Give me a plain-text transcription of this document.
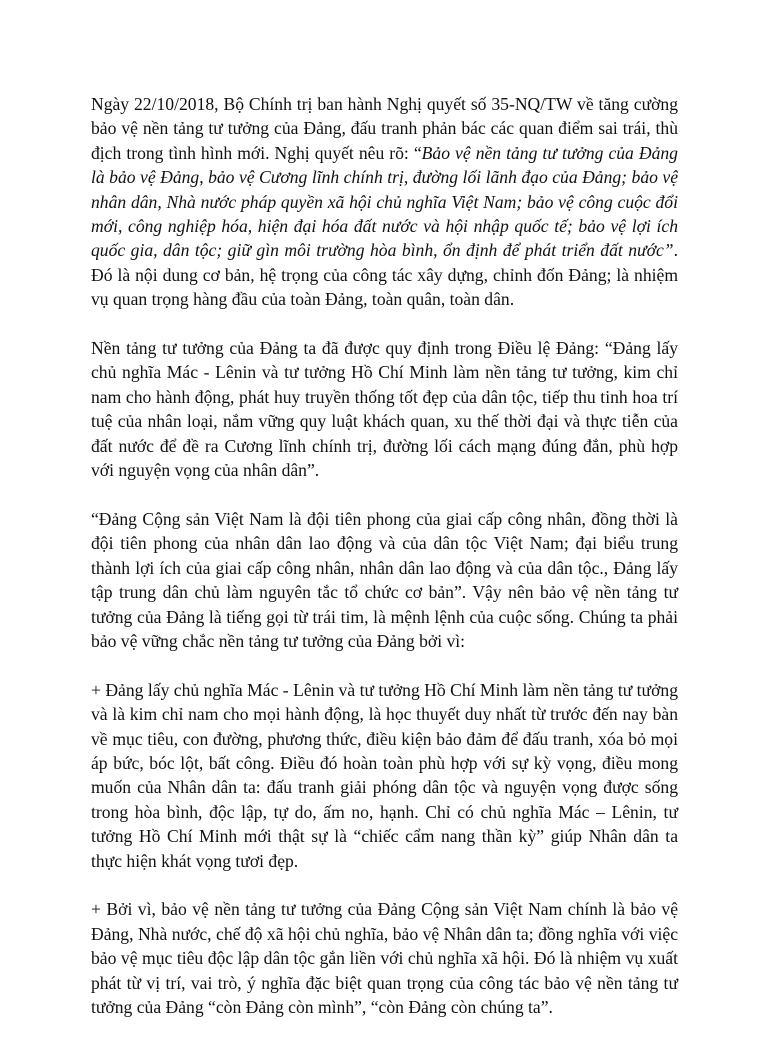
Ngày 22/10/2018, Bộ Chính trị ban hành Nghị quyết số 35-NQ/TW về tăng cường bảo vệ nền tảng tư tưởng của Đảng, đấu tranh phản bác các quan điểm sai trái, thù địch trong tình hình mới. Nghị quyết nêu rõ: “Bảo vệ nền tảng tư tưởng của Đảng là bảo vệ Đảng, bảo vệ Cương lĩnh chính trị, đường lối lãnh đạo của Đảng; bảo vệ nhân dân, Nhà nước pháp quyền xã hội chủ nghĩa Việt Nam; bảo vệ công cuộc đổi mới, công nghiệp hóa, hiện đại hóa đất nước và hội nhập quốc tế; bảo vệ lợi ích quốc gia, dân tộc; giữ gìn môi trường hòa bình, ổn định để phát triển đất nước”. Đó là nội dung cơ bản, hệ trọng của công tác xây dựng, chỉnh đốn Đảng; là nhiệm vụ quan trọng hàng đầu của toàn Đảng, toàn quân, toàn dân.

Nền tảng tư tưởng của Đảng ta đã được quy định trong Điều lệ Đảng: “Đảng lấy chủ nghĩa Mác - Lênin và tư tưởng Hồ Chí Minh làm nền tảng tư tưởng, kim chỉ nam cho hành động, phát huy truyền thống tốt đẹp của dân tộc, tiếp thu tinh hoa trí tuệ của nhân loại, nắm vững quy luật khách quan, xu thế thời đại và thực tiễn của đất nước để đề ra Cương lĩnh chính trị, đường lối cách mạng đúng đắn, phù hợp với nguyện vọng của nhân dân”.

“Đảng Cộng sản Việt Nam là đội tiên phong của giai cấp công nhân, đồng thời là đội tiên phong của nhân dân lao động và của dân tộc Việt Nam; đại biểu trung thành lợi ích của giai cấp công nhân, nhân dân lao động và của dân tộc., Đảng lấy tập trung dân chủ làm nguyên tắc tổ chức cơ bản”. Vậy nên bảo vệ nền tảng tư tưởng của Đảng là tiếng gọi từ trái tim, là mệnh lệnh của cuộc sống. Chúng ta phải bảo vệ vững chắc nền tảng tư tưởng của Đảng bởi vì:

+ Đảng lấy chủ nghĩa Mác - Lênin và tư tưởng Hồ Chí Minh làm nền tảng tư tưởng và là kim chỉ nam cho mọi hành động, là học thuyết duy nhất từ trước đến nay bàn về mục tiêu, con đường, phương thức, điều kiện bảo đảm để đấu tranh, xóa bỏ mọi áp bức, bóc lột, bất công. Điều đó hoàn toàn phù hợp với sự kỳ vọng, điều mong muốn của Nhân dân ta: đấu tranh giải phóng dân tộc và nguyện vọng được sống trong hòa bình, độc lập, tự do, ấm no, hạnh. Chỉ có chủ nghĩa Mác – Lênin, tư tưởng Hồ Chí Minh mới thật sự là “chiếc cẩm nang thần kỳ” giúp Nhân dân ta thực hiện khát vọng tươi đẹp.

+ Bởi vì, bảo vệ nền tảng tư tưởng của Đảng Cộng sản Việt Nam chính là bảo vệ Đảng, Nhà nước, chế độ xã hội chủ nghĩa, bảo vệ Nhân dân ta; đồng nghĩa với việc bảo vệ mục tiêu độc lập dân tộc gắn liền với chủ nghĩa xã hội. Đó là nhiệm vụ xuất phát từ vị trí, vai trò, ý nghĩa đặc biệt quan trọng của công tác bảo vệ nền tảng tư tưởng của Đảng “còn Đảng còn mình”, “còn Đảng còn chúng ta”.
